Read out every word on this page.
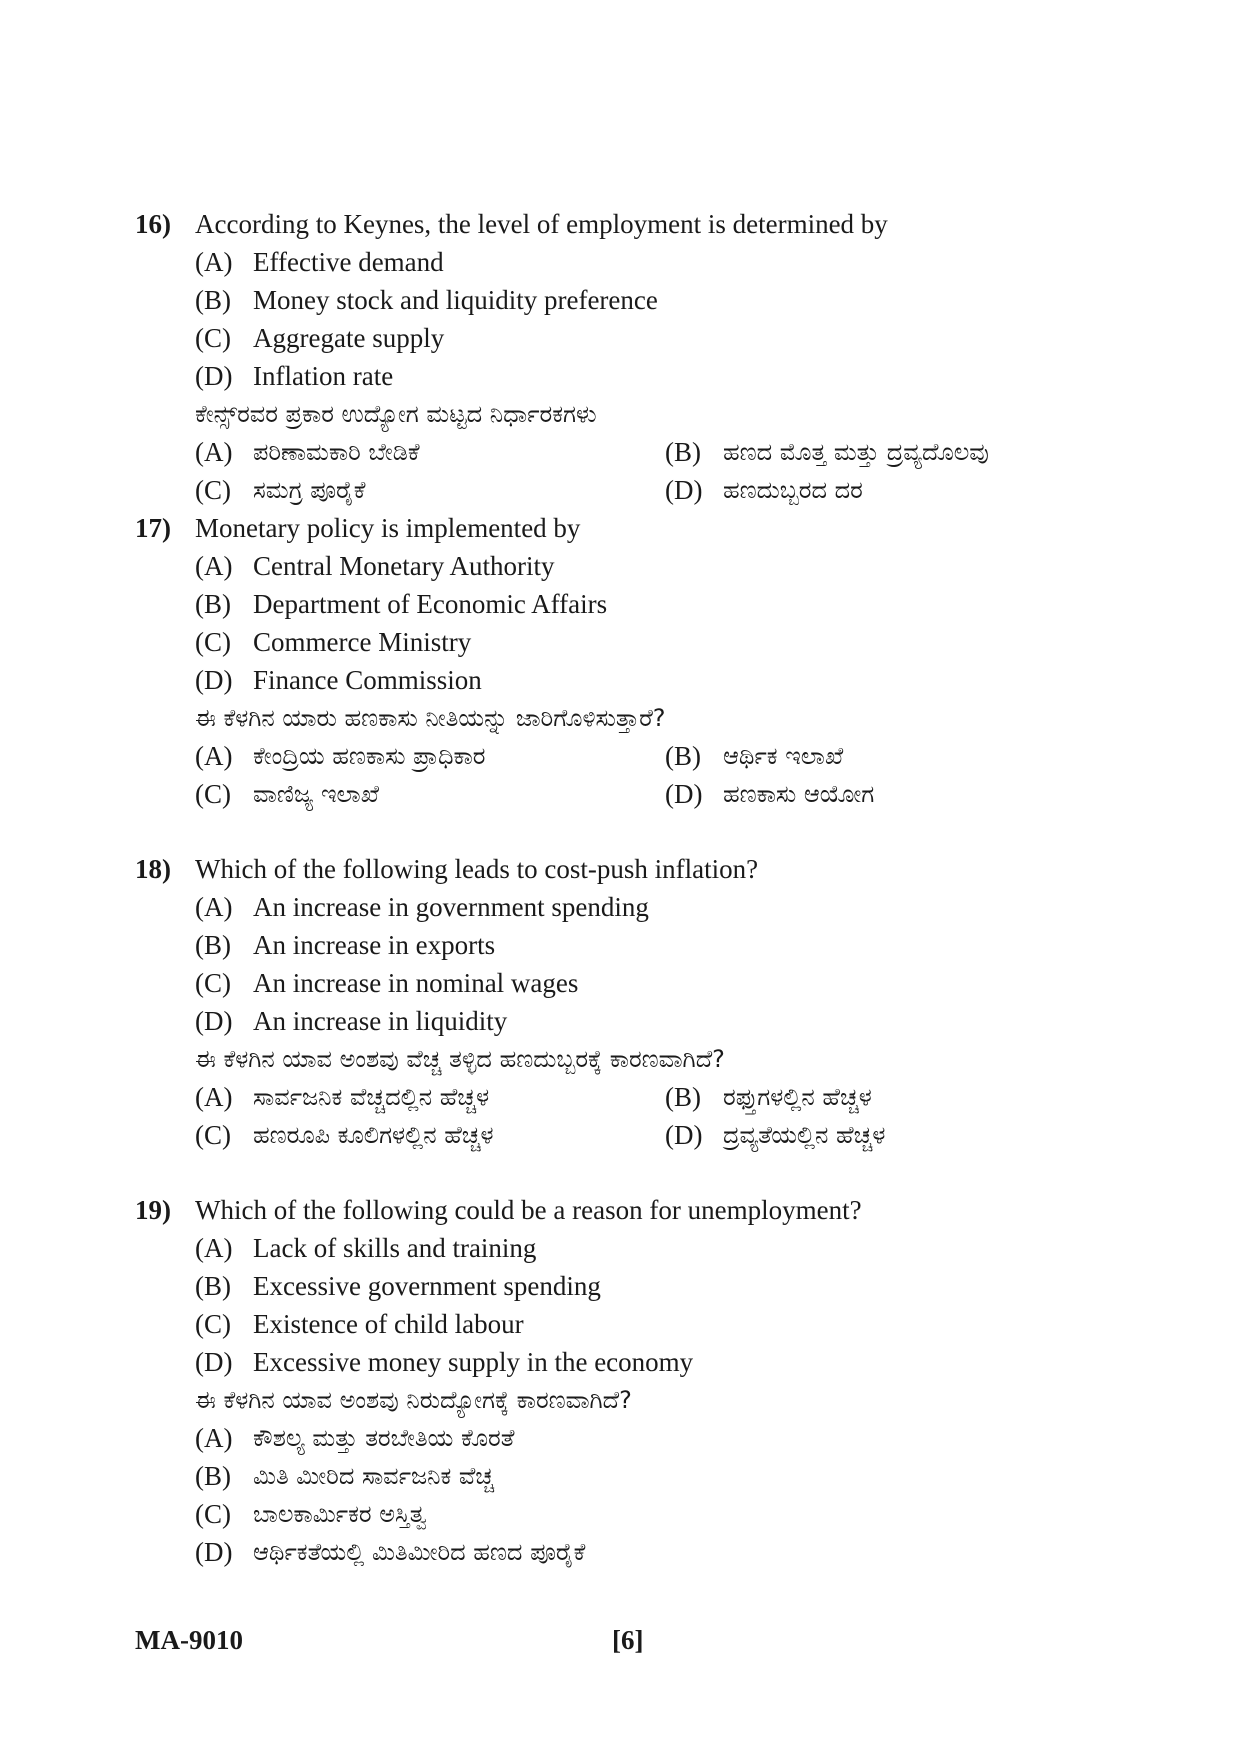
16) According to Keynes, the level of employment is determined by
(A) Effective demand
(B) Money stock and liquidity preference
(C) Aggregate supply
(D) Inflation rate
ಕೇನ್ಸ್‌ರವರ ಪ್ರಕಾರ ಉದ್ಯೋಗ ಮಟ್ಟದ ನಿರ್ಧಾರಕಗಳು
(A) ಪರಿಣಾಮಕಾರಿ ಬೇಡಿಕೆ	(B) ಹಣದ ಮೊತ್ತ ಮತ್ತು ದ್ರವ್ಯದೊಲವು
(C) ಸಮಗ್ರ ಪೂರೈಕೆ	(D) ಹಣದುಬ್ಬರದ ದರ
17) Monetary policy is implemented by
(A) Central Monetary Authority
(B) Department of Economic Affairs
(C) Commerce Ministry
(D) Finance Commission
ಈ ಕೆಳಗಿನ ಯಾರು ಹಣಕಾಸು ನೀತಿಯನ್ನು ಜಾರಿಗೊಳಿಸುತ್ತಾರೆ?
(A) ಕೇಂದ್ರಿಯ ಹಣಕಾಸು ಪ್ರಾಧಿಕಾರ	(B) ಆರ್ಥಿಕ ಇಲಾಖೆ
(C) ವಾಣಿಜ್ಯ ಇಲಾಖೆ	(D) ಹಣಕಾಸು ಆಯೋಗ
18) Which of the following leads to cost-push inflation?
(A) An increase in government spending
(B) An increase in exports
(C) An increase in nominal wages
(D) An increase in liquidity
ಈ ಕೆಳಗಿನ ಯಾವ ಅಂಶವು ವೆಚ್ಚ ತಳ್ಳಿದ ಹಣದುಬ್ಬರಕ್ಕೆ ಕಾರಣವಾಗಿದೆ?
(A) ಸಾರ್ವಜನಿಕ ವೆಚ್ಚದಲ್ಲಿನ ಹೆಚ್ಚಳ	(B) ರಫ್ತುಗಳಲ್ಲಿನ ಹೆಚ್ಚಳ
(C) ಹಣರೂಪಿ ಕೂಲಿಗಳಲ್ಲಿನ ಹೆಚ್ಚಳ	(D) ದ್ರವ್ಯತೆಯಲ್ಲಿನ ಹೆಚ್ಚಳ
19) Which of the following could be a reason for unemployment?
(A) Lack of skills and training
(B) Excessive government spending
(C) Existence of child labour
(D) Excessive money supply in the economy
ಈ ಕೆಳಗಿನ ಯಾವ ಅಂಶವು ನಿರುದ್ಯೋಗಕ್ಕೆ ಕಾರಣವಾಗಿದೆ?
(A) ಕೌಶಲ್ಯ ಮತ್ತು ತರಬೇತಿಯ ಕೊರತೆ
(B) ಮಿತಿ ಮೀರಿದ ಸಾರ್ವಜನಿಕ ವೆಚ್ಚ
(C) ಬಾಲಕಾರ್ಮಿಕರ ಅಸ್ತಿತ್ವ
(D) ಆರ್ಥಿಕತೆಯಲ್ಲಿ ಮಿತಿಮೀರಿದ ಹಣದ ಪೂರೈಕೆ
MA-9010	[6]
